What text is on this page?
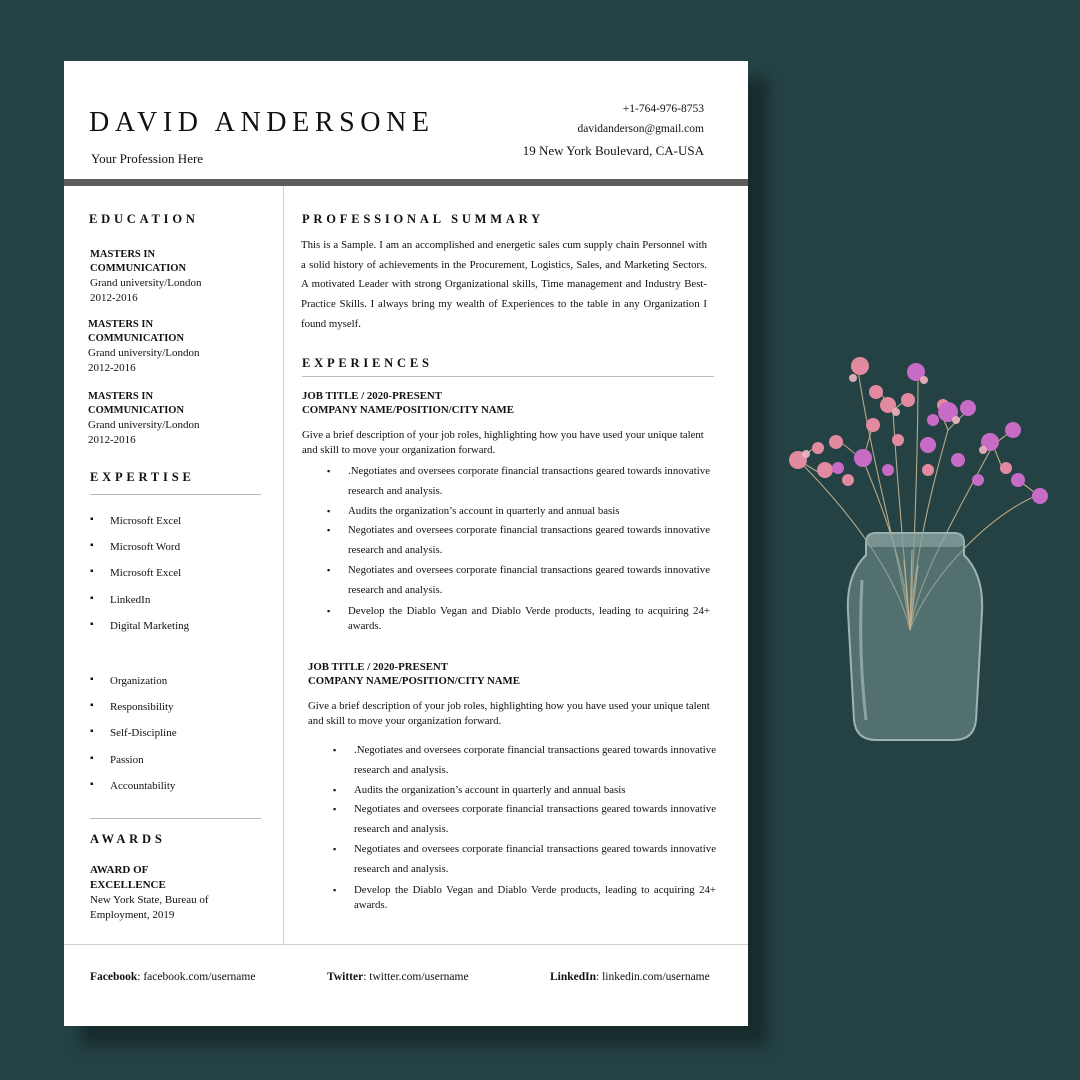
DAVID ANDERSONE
Your Profession Here
+1-764-976-8753
davidanderson@gmail.com
19 New York Boulevard, CA-USA
EDUCATION
MASTERS IN
COMMUNICATION
Grand university/London
2012-2016
MASTERS IN
COMMUNICATION
Grand university/London
2012-2016
MASTERS IN
COMMUNICATION
Grand university/London
2012-2016
EXPERTISE
▪ Microsoft Excel
▪ Microsoft Word
▪ Microsoft Excel
▪ LinkedIn
▪ Digital Marketing
▪ Organization
▪ Responsibility
▪ Self-Discipline
▪ Passion
▪ Accountability
AWARDS
AWARD OF
EXCELLENCE
New York State, Bureau of
Employment, 2019
PROFESSIONAL SUMMARY

This is a Sample. I am an accomplished and energetic sales cum supply chain Personnel with a solid history of achievements in the Procurement, Logistics, Sales, and Marketing Sectors. A motivated Leader with strong Organizational skills, Time management and Industry Best-Practice Skills. I always bring my wealth of Experiences to the table in any Organization I found myself.

EXPERIENCES
JOB TITLE / 2020-PRESENT
COMPANY NAME/POSITION/CITY NAME
Give a brief description of your job roles, highlighting how you have used your unique talent and skill to move your organization forward.
▪ .Negotiates and oversees corporate financial transactions geared towards innovative research and analysis.
▪ Audits the organization’s account in quarterly and annual basis
▪ Negotiates and oversees corporate financial transactions geared towards innovative research and analysis.
▪ Negotiates and oversees corporate financial transactions geared towards innovative research and analysis.
▪ Develop the Diablo Vegan and Diablo Verde products, leading to acquiring 24+ awards.
JOB TITLE / 2020-PRESENT
COMPANY NAME/POSITION/CITY NAME
Give a brief description of your job roles, highlighting how you have used your unique talent and skill to move your organization forward.
▪ .Negotiates and oversees corporate financial transactions geared towards innovative research and analysis.
▪ Audits the organization’s account in quarterly and annual basis
▪ Negotiates and oversees corporate financial transactions geared towards innovative research and analysis.
▪ Negotiates and oversees corporate financial transactions geared towards innovative research and analysis.
▪ Develop the Diablo Vegan and Diablo Verde products, leading to acquiring 24+ awards.
Facebook: facebook.com/username	Twitter: twitter.com/username	LinkedIn: linkedin.com/username
